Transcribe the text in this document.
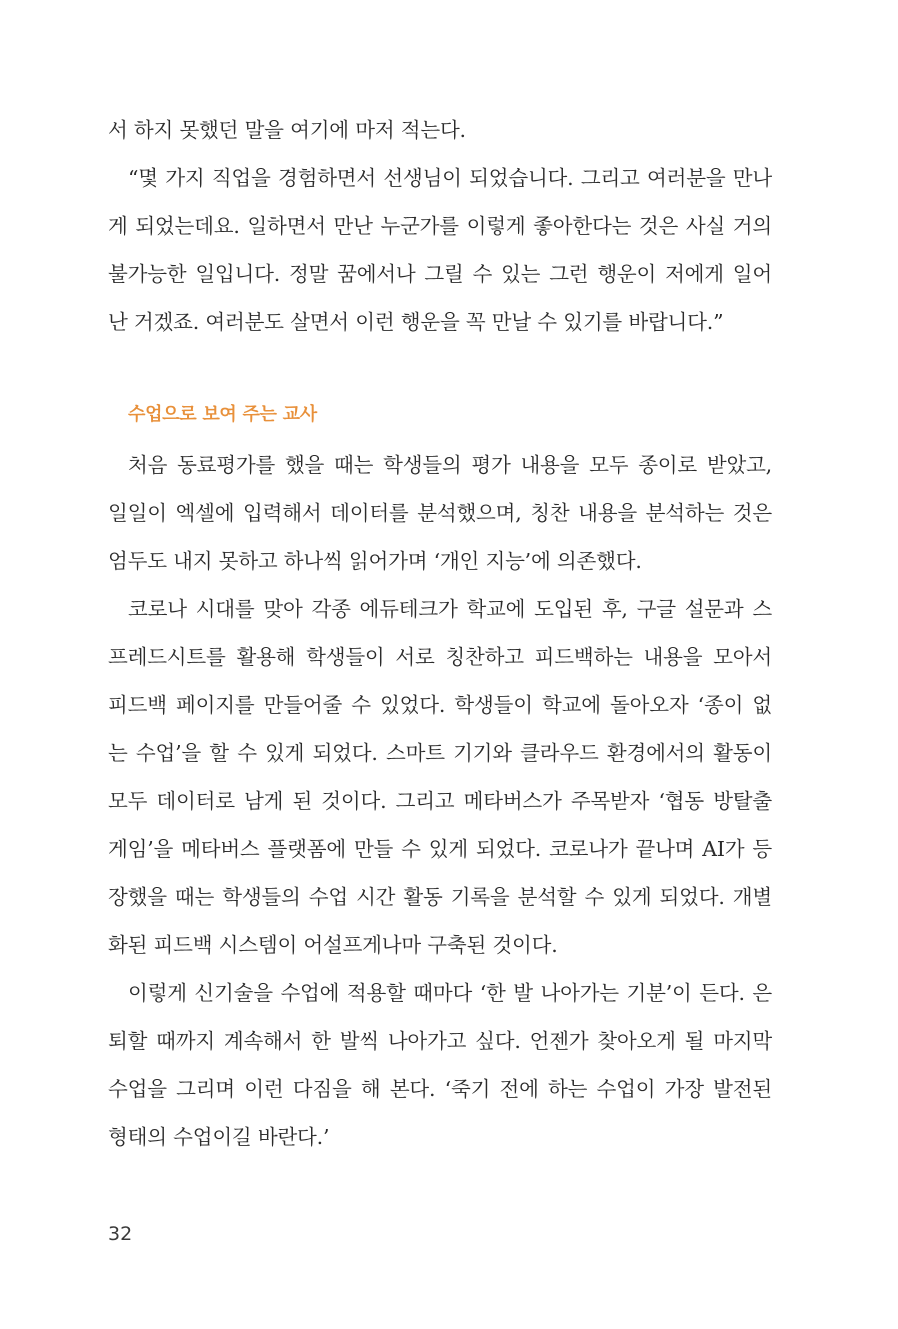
서 하지 못했던 말을 여기에 마저 적는다.
“몇 가지 직업을 경험하면서 선생님이 되었습니다. 그리고 여러분을 만나
게 되었는데요. 일하면서 만난 누군가를 이렇게 좋아한다는 것은 사실 거의
불가능한 일입니다. 정말 꿈에서나 그릴 수 있는 그런 행운이 저에게 일어
난 거겠죠. 여러분도 살면서 이런 행운을 꼭 만날 수 있기를 바랍니다.”
수업으로 보여 주는 교사
처음 동료평가를 했을 때는 학생들의 평가 내용을 모두 종이로 받았고,
일일이 엑셀에 입력해서 데이터를 분석했으며, 칭찬 내용을 분석하는 것은
엄두도 내지 못하고 하나씩 읽어가며 ‘개인 지능’에 의존했다.
코로나 시대를 맞아 각종 에듀테크가 학교에 도입된 후, 구글 설문과 스
프레드시트를 활용해 학생들이 서로 칭찬하고 피드백하는 내용을 모아서
피드백 페이지를 만들어줄 수 있었다. 학생들이 학교에 돌아오자 ‘종이 없
는 수업’을 할 수 있게 되었다. 스마트 기기와 클라우드 환경에서의 활동이
모두 데이터로 남게 된 것이다. 그리고 메타버스가 주목받자 ‘협동 방탈출
게임’을 메타버스 플랫폼에 만들 수 있게 되었다. 코로나가 끝나며 AI가 등
장했을 때는 학생들의 수업 시간 활동 기록을 분석할 수 있게 되었다. 개별
화된 피드백 시스템이 어설프게나마 구축된 것이다.
이렇게 신기술을 수업에 적용할 때마다 ‘한 발 나아가는 기분’이 든다. 은
퇴할 때까지 계속해서 한 발씩 나아가고 싶다. 언젠가 찾아오게 될 마지막
수업을 그리며 이런 다짐을 해 본다. ‘죽기 전에 하는 수업이 가장 발전된
형태의 수업이길 바란다.’
32
